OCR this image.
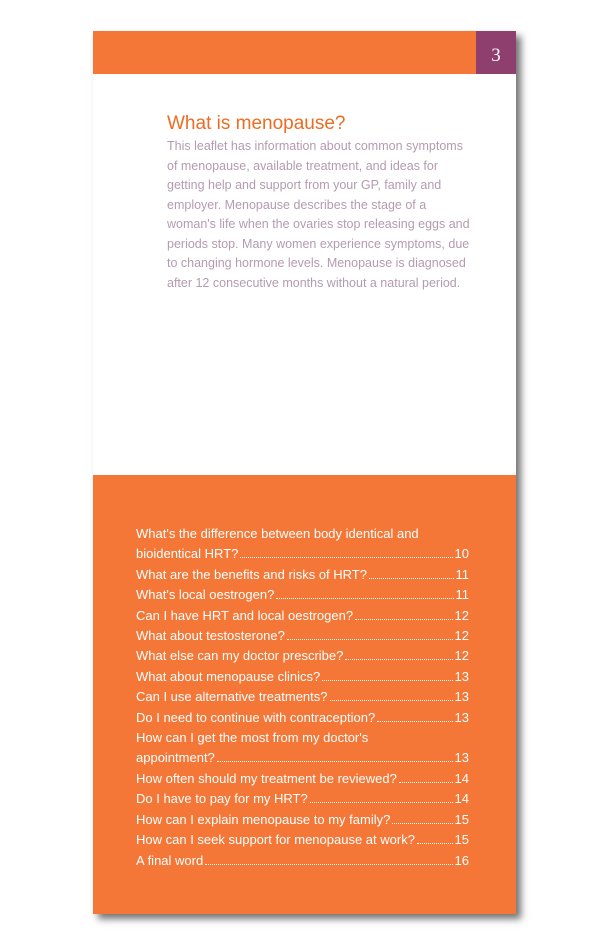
3
What is menopause?

This leaflet has information about common symptoms of menopause, available treatment, and ideas for getting help and support from your GP, family and employer. Menopause describes the stage of a woman's life when the ovaries stop releasing eggs and periods stop. Many women experience symptoms, due to changing hormone levels. Menopause is diagnosed after 12 consecutive months without a natural period.

What's the difference between body identical and
bioidentical HRT?	10
What are the benefits and risks of HRT?	11
What's local oestrogen?	11
Can I have HRT and local oestrogen?	12
What about testosterone?	12
What else can my doctor prescribe?	12
What about menopause clinics?	13
Can I use alternative treatments?	13
Do I need to continue with contraception?	13
How can I get the most from my doctor's
appointment?	13
How often should my treatment be reviewed?	14
Do I have to pay for my HRT?	14
How can I explain menopause to my family?	15
How can I seek support for menopause at work?	15
A final word	16
